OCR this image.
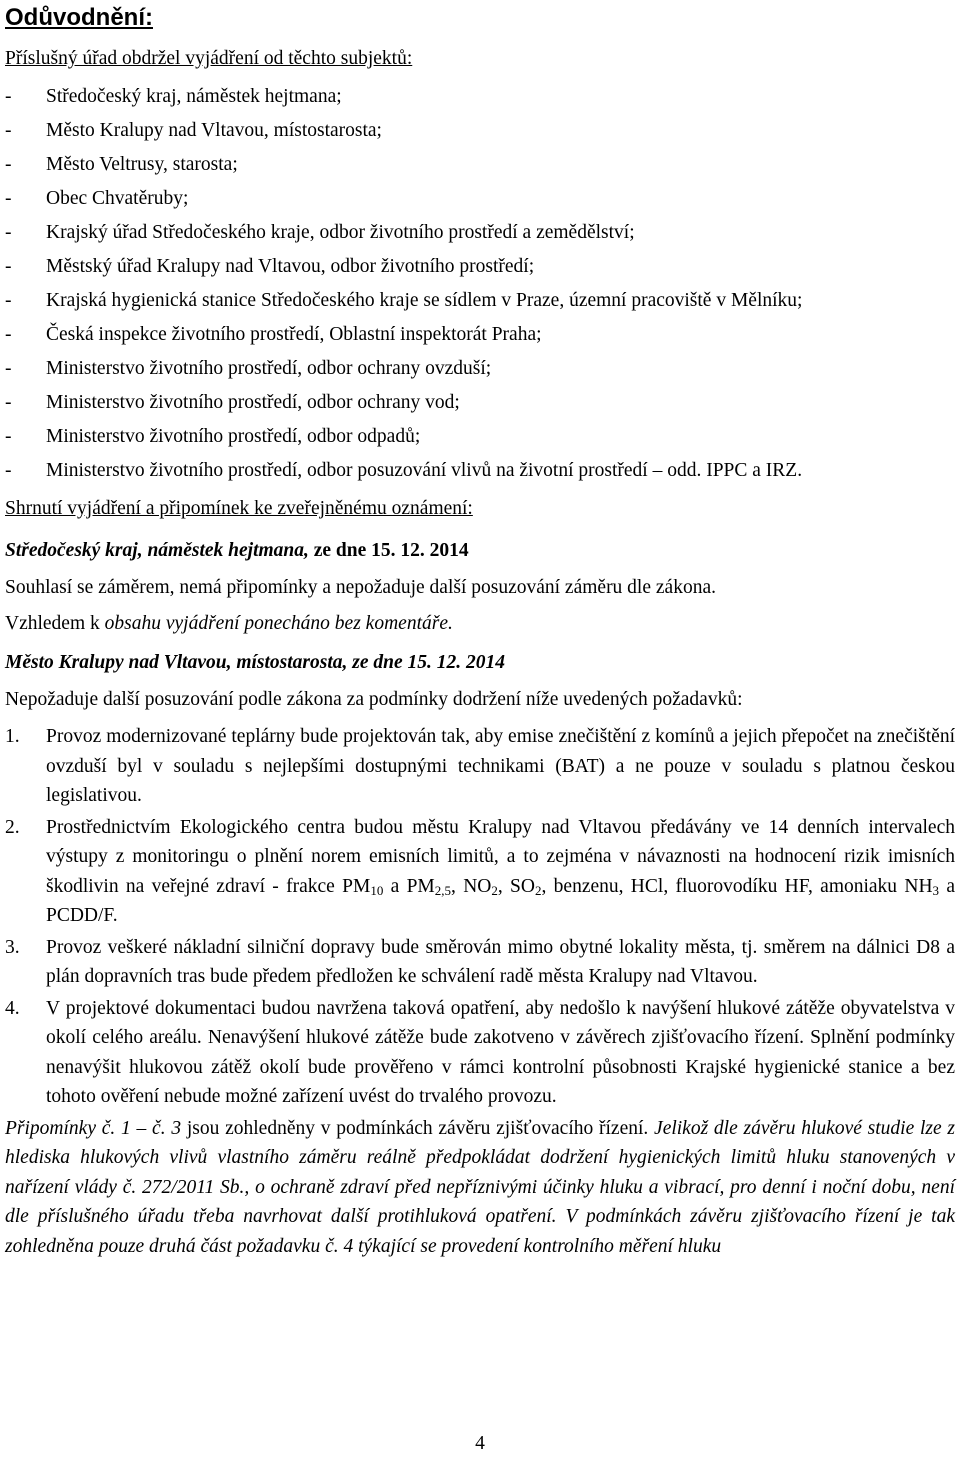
Odůvodnění:
Příslušný úřad obdržel vyjádření od těchto subjektů:
- Středočeský kraj, náměstek hejtmana;
- Město Kralupy nad Vltavou, místostarosta;
- Město Veltrusy, starosta;
- Obec Chvatěruby;
- Krajský úřad Středočeského kraje, odbor životního prostředí a zemědělství;
- Městský úřad Kralupy nad Vltavou, odbor životního prostředí;
- Krajská hygienická stanice Středočeského kraje se sídlem v Praze, územní pracoviště v Mělníku;
- Česká inspekce životního prostředí, Oblastní inspektorát Praha;
- Ministerstvo životního prostředí, odbor ochrany ovzduší;
- Ministerstvo životního prostředí, odbor ochrany vod;
- Ministerstvo životního prostředí, odbor odpadů;
- Ministerstvo životního prostředí, odbor posuzování vlivů na životní prostředí – odd. IPPC a IRZ.
Shrnutí vyjádření a připomínek ke zveřejněnému oznámení:
Středočeský kraj, náměstek hejtmana, ze dne 15. 12. 2014

Souhlasí se záměrem, nemá připomínky a nepožaduje další posuzování záměru dle zákona.

Vzhledem k obsahu vyjádření ponecháno bez komentáře.

Město Kralupy nad Vltavou, místostarosta, ze dne 15. 12. 2014

Nepožaduje další posuzování podle zákona za podmínky dodržení níže uvedených požadavků:

1. Provoz modernizované teplárny bude projektován tak, aby emise znečištění z komínů a jejich přepočet na znečištění ovzduší byl v souladu s nejlepšími dostupnými technikami (BAT) a ne pouze v souladu s platnou českou legislativou.
2. Prostřednictvím Ekologického centra budou městu Kralupy nad Vltavou předávány ve 14 denních intervalech výstupy z monitoringu o plnění norem emisních limitů, a to zejména v návaznosti na hodnocení rizik imisních škodlivin na veřejné zdraví - frakce $PM_{10}$ a $PM_{2,5}$, $NO_2$, $SO_2$, benzenu, HCl, fluorovodíku HF, amoniaku $NH_3$ a PCDD/F.
3. Provoz veškeré nákladní silniční dopravy bude směrován mimo obytné lokality města, tj. směrem na dálnici D8 a plán dopravních tras bude předem předložen ke schválení radě města Kralupy nad Vltavou.
4. V projektové dokumentaci budou navržena taková opatření, aby nedošlo k navýšení hlukové zátěže obyvatelstva v okolí celého areálu. Nenavýšení hlukové zátěže bude zakotveno v závěrech zjišťovacího řízení. Splnění podmínky nenavýšit hlukovou zátěž okolí bude prověřeno v rámci kontrolní působnosti Krajské hygienické stanice a bez tohoto ověření nebude možné zařízení uvést do trvalého provozu.

Připomínky č. 1 – č. 3 jsou zohledněny v podmínkách závěru zjišťovacího řízení. Jelikož dle závěru hlukové studie lze z hlediska hlukových vlivů vlastního záměru reálně předpokládat dodržení hygienických limitů hluku stanovených v nařízení vlády č. 272/2011 Sb., o ochraně zdraví před nepříznivými účinky hluku a vibrací, pro denní i noční dobu, není dle příslušného úřadu třeba navrhovat další protihluková opatření. V podmínkách závěru zjišťovacího řízení je tak zohledněna pouze druhá část požadavku č. 4 týkající se provedení kontrolního měření hluku

4
